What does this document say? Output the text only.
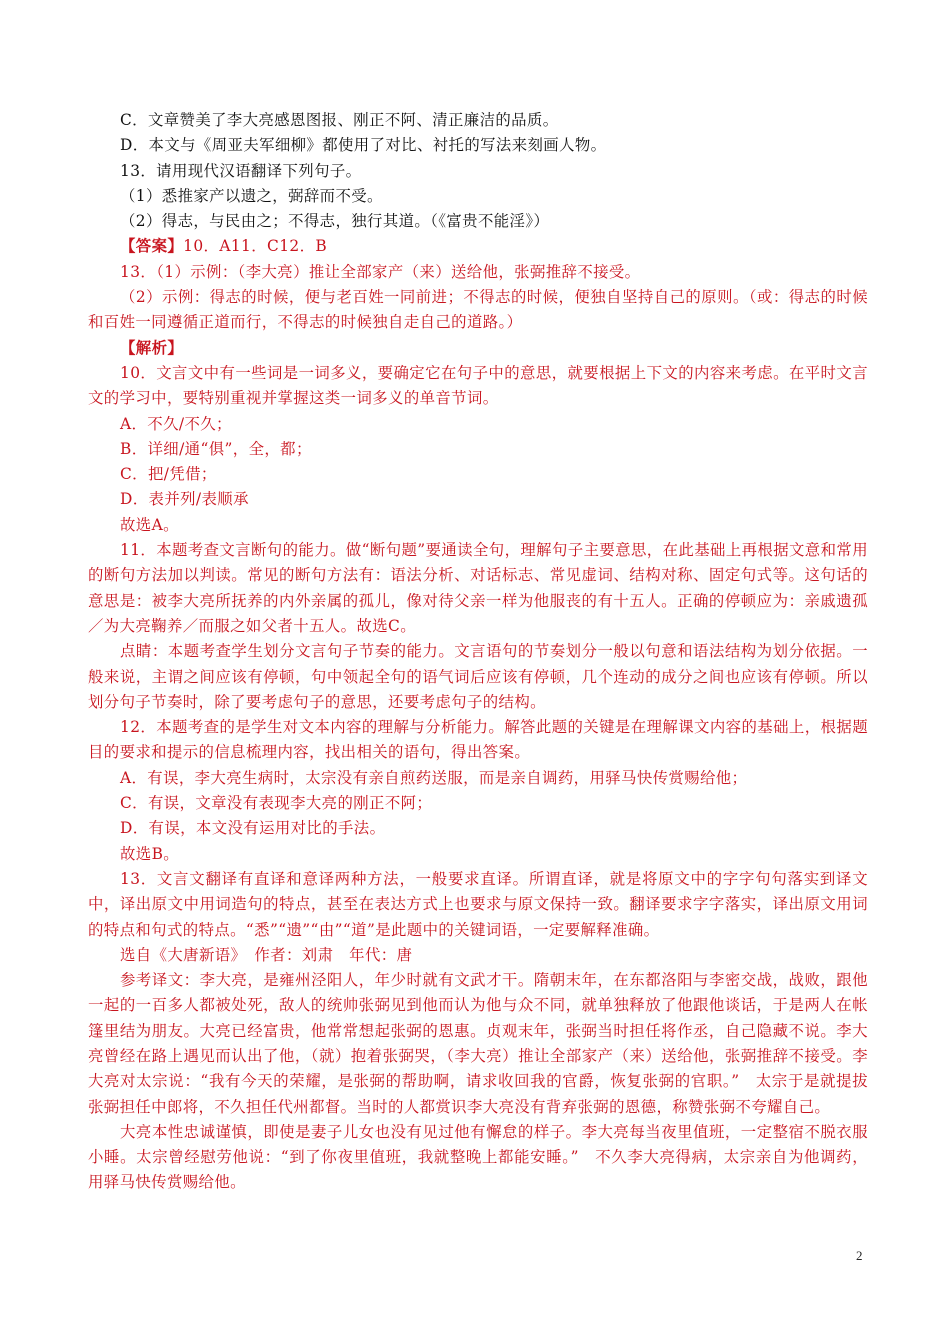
C．文章赞美了李大亮感恩图报、刚正不阿、清正廉洁的品质。

D．本文与《周亚夫军细柳》都使用了对比、衬托的写法来刻画人物。

13．请用现代汉语翻译下列句子。

（1）悉推家产以遗之，弼辞而不受。

（2）得志，与民由之；不得志，独行其道。（《富贵不能淫》）

【答案】10．A11．C12．B

13．（1）示例：（李大亮）推让全部家产（来）送给他，张弼推辞不接受。

（2）示例：得志的时候，便与老百姓一同前进；不得志的时候，便独自坚持自己的原则。（或：得志的时候和百姓一同遵循正道而行，不得志的时候独自走自己的道路。）

【解析】

10．文言文中有一些词是一词多义，要确定它在句子中的意思，就要根据上下文的内容来考虑。在平时文言文的学习中，要特别重视并掌握这类一词多义的单音节词。

A．不久/不久；

B．详细/通“俱”，全，都；

C．把/凭借；

D．表并列/表顺承

故选A。

11．本题考查文言断句的能力。做“断句题”要通读全句，理解句子主要意思，在此基础上再根据文意和常用的断句方法加以判读。常见的断句方法有：语法分析、对话标志、常见虚词、结构对称、固定句式等。这句话的意思是：被李大亮所抚养的内外亲属的孤儿，像对待父亲一样为他服丧的有十五人。正确的停顿应为：亲戚遗孤／为大亮鞠养／而服之如父者十五人。故选C。

点睛：本题考查学生划分文言句子节奏的能力。文言语句的节奏划分一般以句意和语法结构为划分依据。一般来说，主谓之间应该有停顿，句中领起全句的语气词后应该有停顿，几个连动的成分之间也应该有停顿。所以划分句子节奏时，除了要考虑句子的意思，还要考虑句子的结构。

12．本题考查的是学生对文本内容的理解与分析能力。解答此题的关键是在理解课文内容的基础上，根据题目的要求和提示的信息梳理内容，找出相关的语句，得出答案。

A．有误，李大亮生病时，太宗没有亲自煎药送服，而是亲自调药，用驿马快传赏赐给他；

C．有误，文章没有表现李大亮的刚正不阿；

D．有误，本文没有运用对比的手法。

故选B。

13．文言文翻译有直译和意译两种方法，一般要求直译。所谓直译，就是将原文中的字字句句落实到译文中，译出原文中用词造句的特点，甚至在表达方式上也要求与原文保持一致。翻译要求字字落实，译出原文用词的特点和句式的特点。“悉”“遗”“由”“道”是此题中的关键词语，一定要解释准确。

选自《大唐新语》　作者：刘肃　年代：唐

参考译文：李大亮，是雍州泾阳人，年少时就有文武才干。隋朝末年，在东都洛阳与李密交战，战败，跟他一起的一百多人都被处死，敌人的统帅张弼见到他而认为他与众不同，就单独释放了他跟他谈话，于是两人在帐篷里结为朋友。大亮已经富贵，他常常想起张弼的恩惠。贞观末年，张弼当时担任将作丞，自己隐藏不说。李大亮曾经在路上遇见而认出了他，（就）抱着张弼哭，（李大亮）推让全部家产（来）送给他，张弼推辞不接受。李大亮对太宗说：“我有今天的荣耀，是张弼的帮助啊，请求收回我的官爵，恢复张弼的官职。”　太宗于是就提拔张弼担任中郎将，不久担任代州都督。当时的人都赏识李大亮没有背弃张弼的恩德，称赞张弼不夸耀自己。

大亮本性忠诚谨慎，即使是妻子儿女也没有见过他有懈怠的样子。李大亮每当夜里值班，一定整宿不脱衣服小睡。太宗曾经慰劳他说：“到了你夜里值班，我就整晚上都能安睡。”　不久李大亮得病，太宗亲自为他调药，用驿马快传赏赐给他。

2
